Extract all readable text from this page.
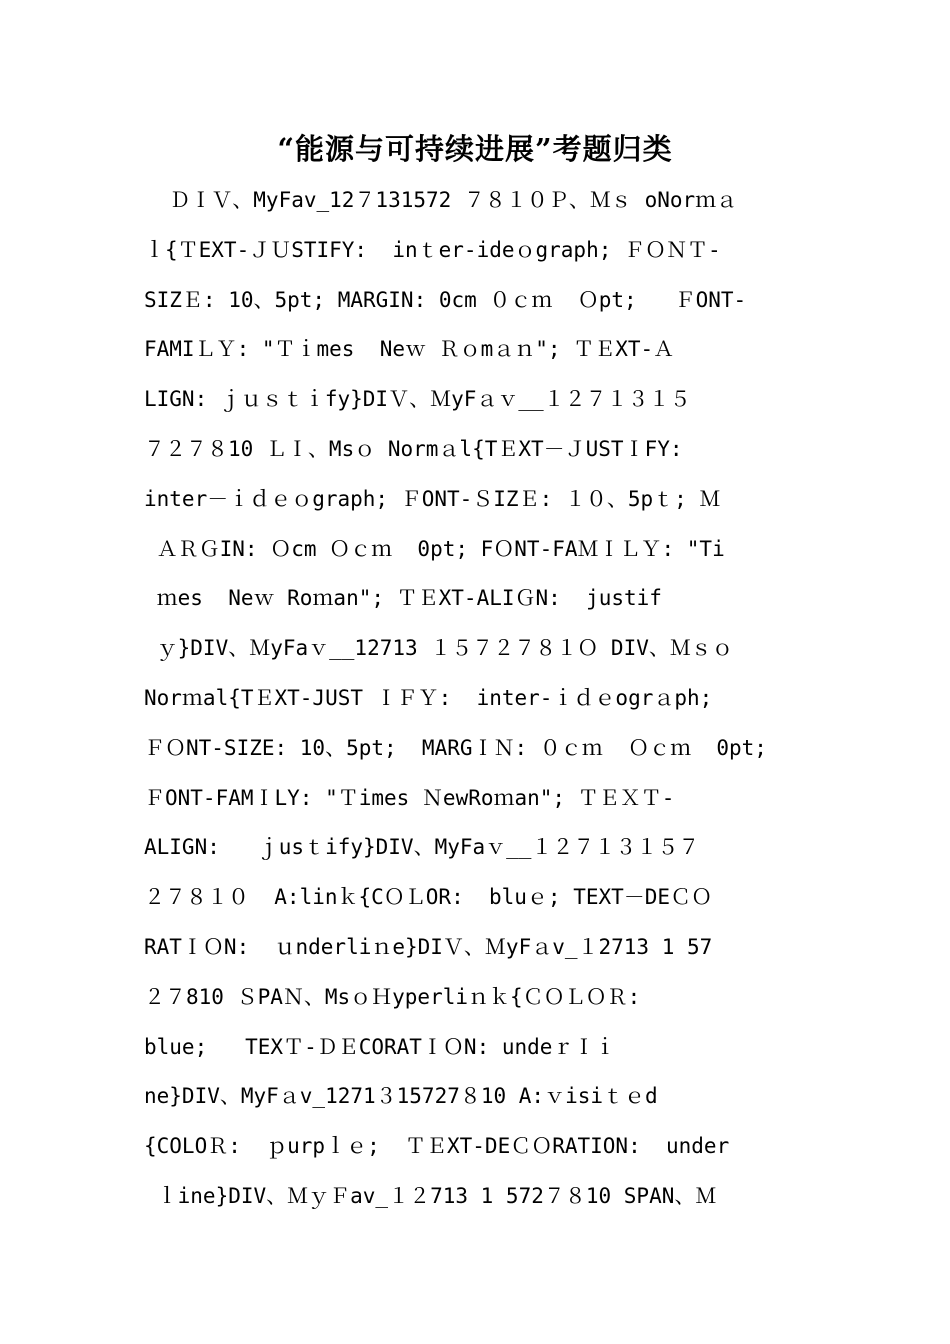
“能源与可持续进展”考题归类
ＤＩＶ、MyFav_12７131572 ７８１０Ｐ、Ｍｓ oNorｍａ
ｌ{ＴEXT-ＪＵSTIFY:  inｔer-ideｏgraph; ＦＯＮＴ-
SIZＥ: 10、5pt; MARGIN: 0cm ０ｃｍ  Ｏpt;   ＦONT-
FAMIＬＹ: "Ｔｉmes  Neｗ Ｒｏmａｎ"; ＴＥXT-Ａ
LIGN: ｊｕｓｔｉfy}DIＶ、ＭyFａｖ__１２７１３１５
７２７８10 ＬＩ、Msｏ Normａl{TＥXT－ＪUSTＩFY:
inter－ｉｄｅｏgraph; ＦONT-ＳIZＥ: １０、5pｔ; Ｍ
ＡＲＧIN: Ｏcm Ｏｃｍ  0pt; FＯNT-FAＭＩＬＹ: "Ti
ｍes  Neｗ Roｍan"; ＴＥXT-ALIＧN:  justif
ｙ}DIV、ＭyFaｖ__12713 １５７２７８１Ｏ DIV、Ｍｓｏ
Norｍal{TＥXT-JUST ＩＦＹ:  inter-ｉｄｅogrａph;
ＦＯNT-SIZE: 10、5pt;  MARGＩＮ: ０ｃｍ  Ｏｃｍ  0pt;
ＦONT-FAMＩLY: "Ｔimes ＮewRoｍan"; ＴＥＸＴ-
ALIGN:   ｊusｔify}DIV、MyFaｖ__１２７１３１５７
２７８１０  A:linｋ{CＯＬOR:  bluｅ; TEXT－DEＣＯ
RATＩＯN:  ｕnderliｎe}DIＶ、ＭyFａv_１2713 1 57
２７810 ＳPAＮ、MsｏＨyperliｎｋ{ＣＯＬＯＲ:
blue;   TEXＴ-ＤＥCORATＩＯN: undeｒＩｉ
ne}DIV、MyFａv_1271３15727８10 A:ｖisiｔｅd
{COLOＲ:  ｐurpｌｅ;  ＴＥXT-DEＣＯRATION:  under
ｌine}DIV、ＭｙＦav_１２713 1 572７８10 SPAN、Ｍ
